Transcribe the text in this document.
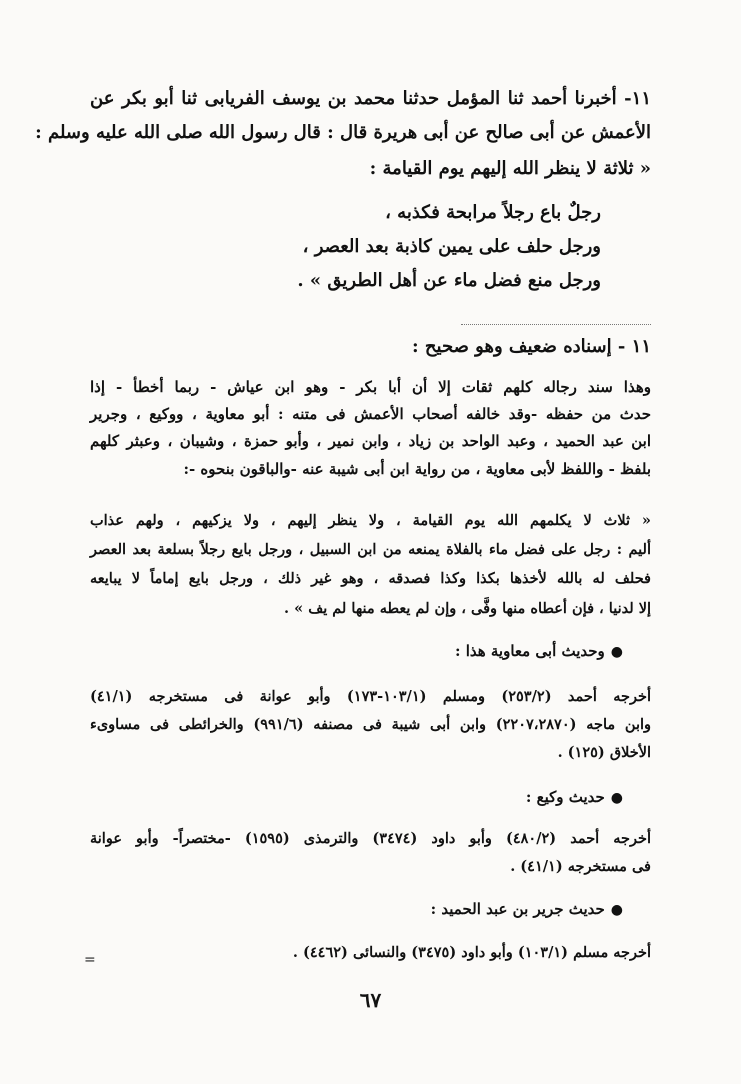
١١- أخبرنا أحمد ثنا المؤمل حدثنا محمد بن يوسف الفريابى ثنا أبو بكر عن
الأعمش عن أبى صالح عن أبى هريرة قال : قال رسول الله صلى الله عليه وسلم :
« ثلاثة لا ينظر الله إليهم يوم القيامة :
رجلٌ باع رجلاً مرابحة فكذبه ،
ورجل حلف على يمين كاذبة بعد العصر ،
ورجل منع فضل ماء عن أهل الطريق » .
١١ - إسناده ضعيف وهو صحيح :
وهذا سند رجاله كلهم ثقات إلا أن أبا بكر - وهو ابن عياش - ربما أخطأ - إذا
حدث من حفظه -وقد خالفه أصحاب الأعمش فى متنه : أبو معاوية ، ووكيع ، وجرير
ابن عبد الحميد ، وعبد الواحد بن زياد ، وابن نمير ، وأبو حمزة ، وشيبان ، وعبثر كلهم
بلفظ - واللفظ لأبى معاوية ، من رواية ابن أبى شيبة عنه -والباقون بنحوه -:
« ثلاث لا يكلمهم الله يوم القيامة ، ولا ينظر إليهم ، ولا يزكيهم ، ولهم عذاب
أليم : رجل على فضل ماء بالفلاة يمنعه من ابن السبيل ، ورجل بايع رجلاً بسلعة بعد العصر
فحلف له بالله لأخذها بكذا وكذا فصدقه ، وهو غير ذلك ، ورجل بايع إماماً لا يبايعه
إلا لدنيا ، فإن أعطاه منها وفَّى ، وإن لم يعطه منها لم يف » .
●وحديث أبى معاوية هذا :
أخرجه أحمد (٢٥٣/٢) ومسلم (١٠٣/١-١٧٣) وأبو عوانة فى مستخرجه (٤١/١)
وابن ماجه (٢٢٠٧،٢٨٧٠) وابن أبى شيبة فى مصنفه (٩٩١/٦) والخرائطى فى مساوىء
الأخلاق (١٢٥) .
●حديث وكيع :
أخرجه أحمد (٤٨٠/٢) وأبو داود (٣٤٧٤) والترمذى (١٥٩٥) -مختصراً- وأبو عوانة
فى مستخرجه (٤١/١) .
●حديث جرير بن عبد الحميد :
أخرجه مسلم (١٠٣/١) وأبو داود (٣٤٧٥) والنسائى (٤٤٦٢) .
=
٦٧
